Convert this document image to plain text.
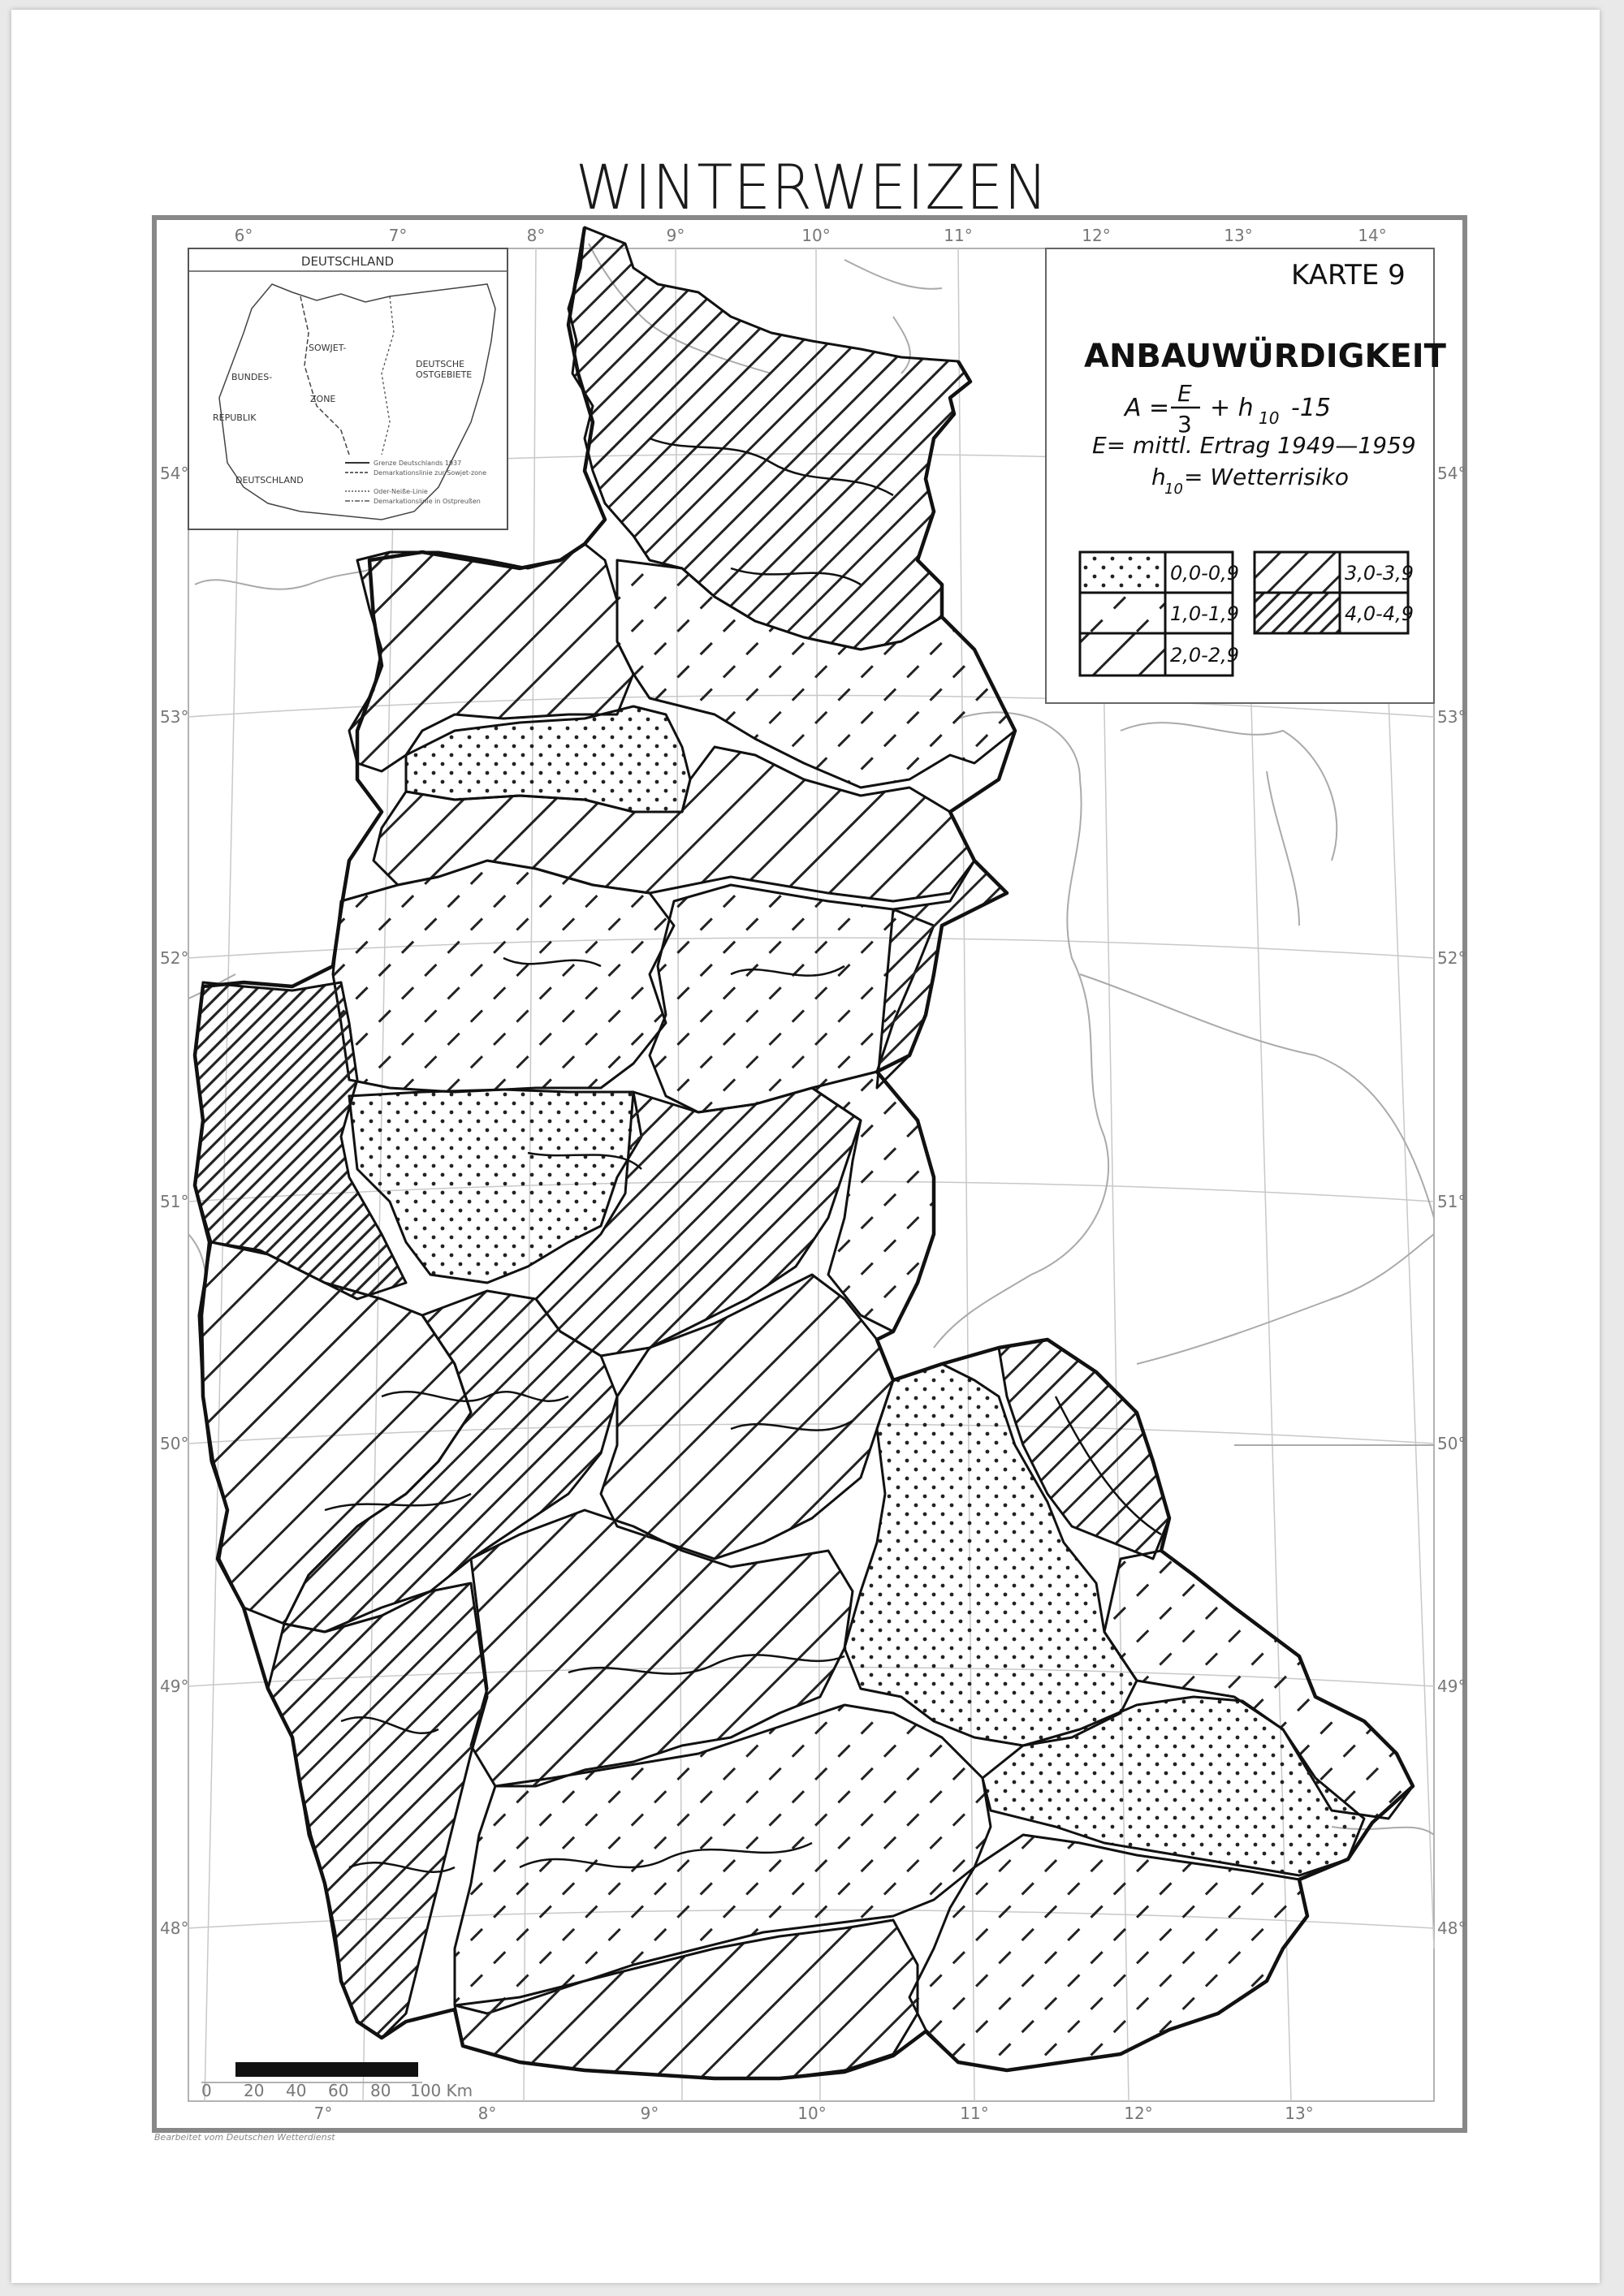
WINTERWEIZEN
6°	7°	8°	9°	10°	11°	12°	13°	14°
7°	8°	9°	10°	11°	12°	13°
54°
53°
52°
51°
50°
49°
48°
54°
53°
52°
51°
50°
49°
48°
DEUTSCHLAND
BUNDES-
REPUBLIK
DEUTSCHLAND
SOWJET-
ZONE
DEUTSCHE
OSTGEBIETE
Grenze Deutschlands 1937
Demarkationslinie zur Sowjet-zone
Oder-Neiße-Linie
Demarkationslinie in Ostpreußen
KARTE 9
ANBAUWÜRDIGKEIT
A =
E
3
+ h 10 -15
E= mittl. Ertrag 1949—1959
h
10 = Wetterrisiko
0,0-0,9
1,0-1,9
2,0-2,9
3,0-3,9
4,0-4,9
0 20 40 60 80 100 Km
Bearbeitet vom Deutschen Wetterdienst
